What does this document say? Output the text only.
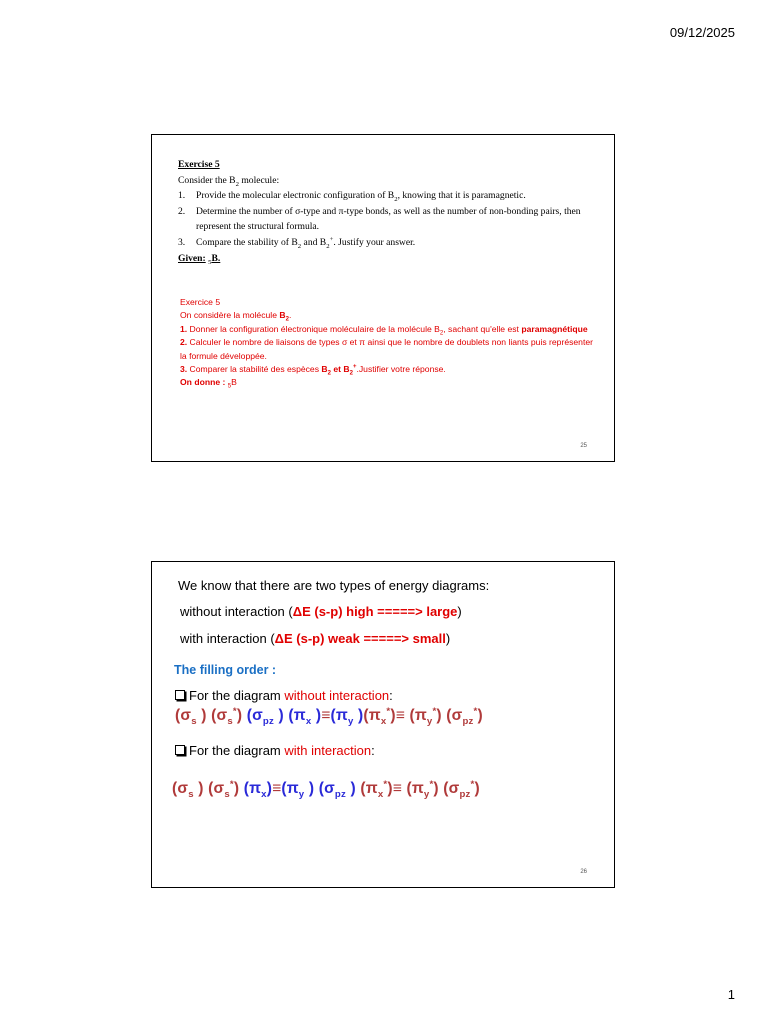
09/12/2025
Exercise 5
Consider the $B_2$ molecule:
1. Provide the molecular electronic configuration of $B_2$, knowing that it is paramagnetic.
2. Determine the number of σ-type and π-type bonds, as well as the number of non-bonding pairs, then represent the structural formula.
3. Compare the stability of $B_2$ and $B_2^+$. Justify your answer.
Given: $_5$B.
Exercice 5
On considère la molécule $B_2$.
1. Donner la configuration électronique moléculaire de la molécule $B_2$, sachant qu'elle est paramagnétique
2. Calculer le nombre de liaisons de types σ et π ainsi que le nombre de doublets non liants puis représenter la formule développée.
3. Comparer la stabilité des espèces $B_2$ et $B_2^+.Justifier$ votre réponse.
On donne : $_5$B
25
We know that there are two types of energy diagrams:
without interaction (ΔE (s-p) high =====> large)
with interaction (ΔE (s-p) weak =====> small)
The filling order :
For the diagram without interaction:
($\sigma_s$ ) $(\sigma_s^*)$ ($\sigma_{pz}$ ) ($\pi_x$ )$\equiv(\pi_y$ )$(\pi_x^*)\equiv (\pi_y^*)$ $(\sigma_{pz}^*)$
For the diagram with interaction:
($\sigma_s$ ) $(\sigma_s^*)$ $(\pi_x)\equiv(\pi_y$ ) ($\sigma_{pz}$ ) $(\pi_x^*)\equiv (\pi_y^*)$ $(\sigma_{pz}^*)$
26
1
